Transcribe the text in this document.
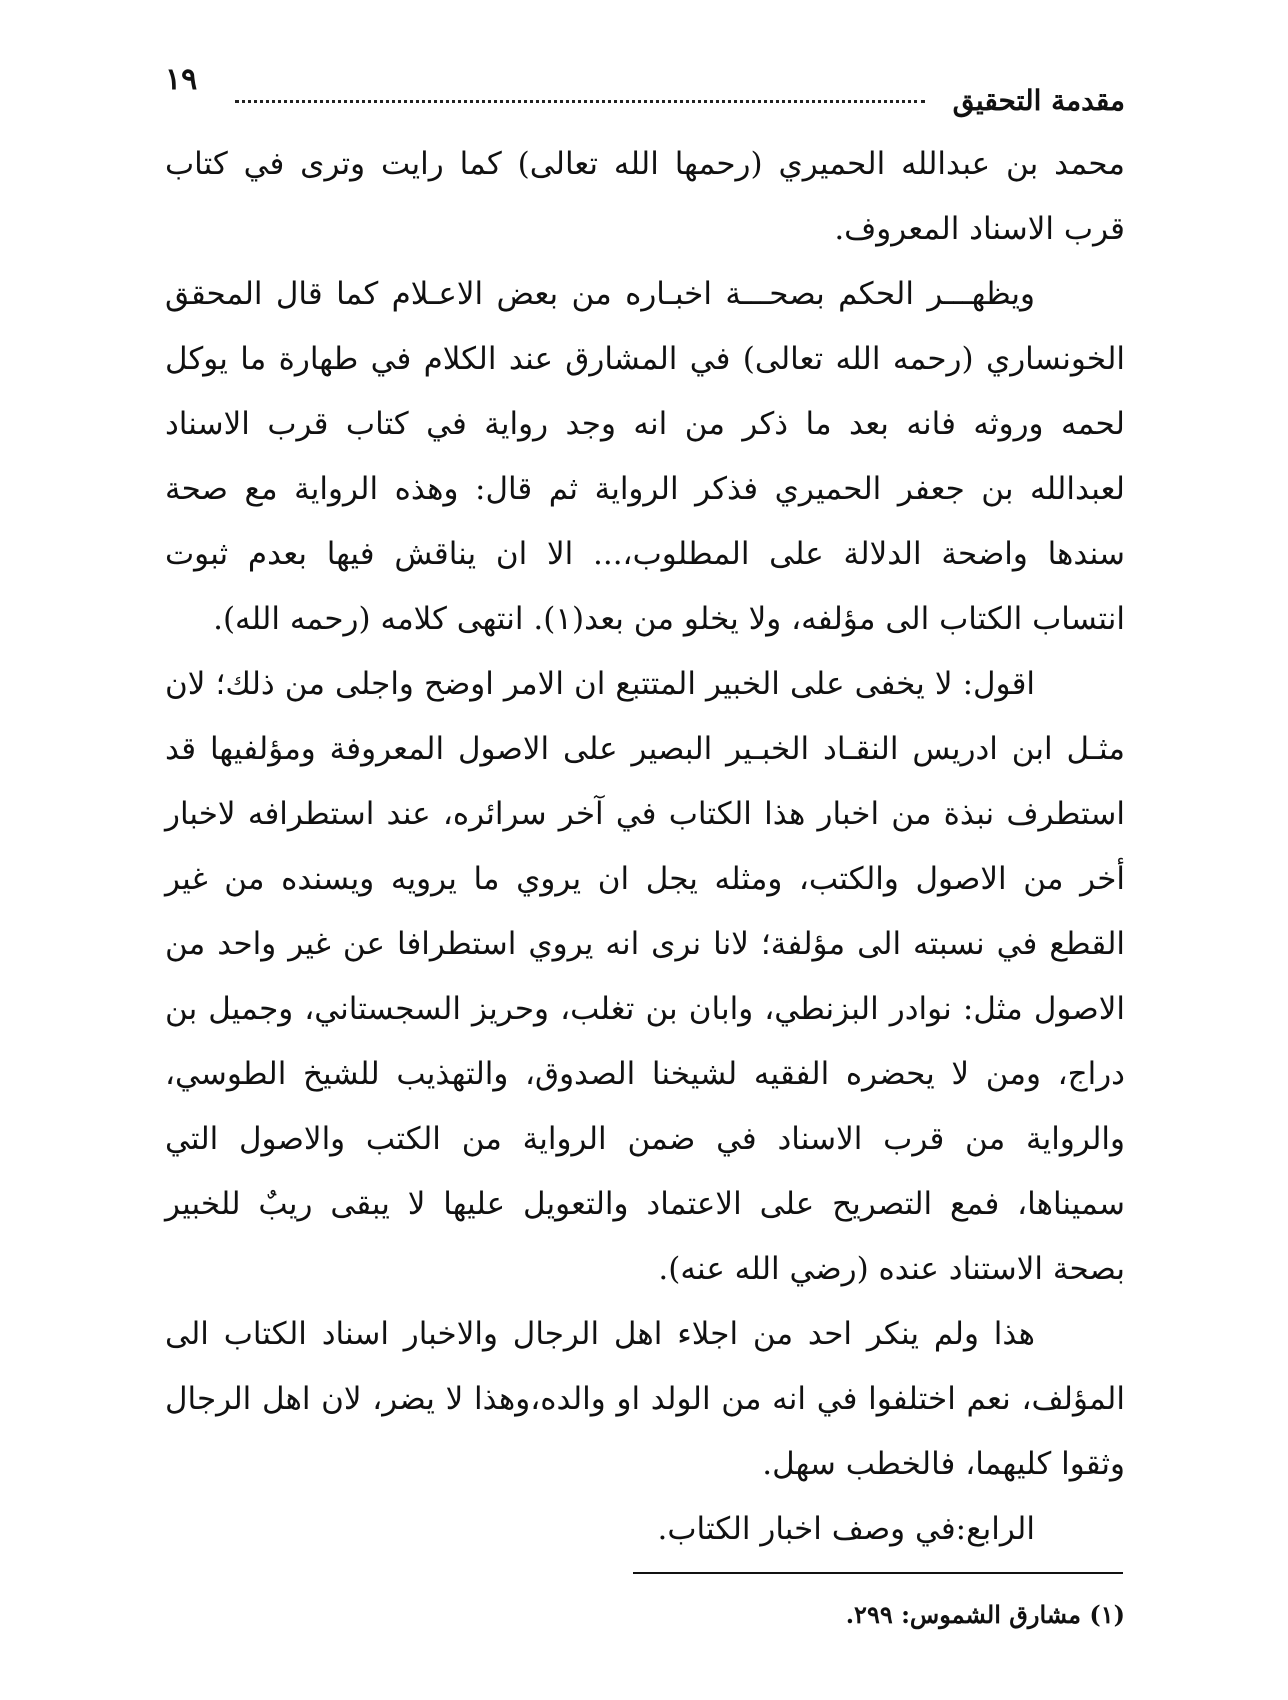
مقدمة التحقيق
١٩

محمد بن عبدالله الحميري (رحمها الله تعالى) كما رايت وترى في كتاب قرب الاسناد المعروف.

ويظهـــر الحكم بصحـــة اخبـاره من بعض الاعـلام كما قال المحقق الخونساري (رحمه الله تعالى) في المشارق عند الكلام في طهارة ما يوكل لحمه وروثه فانه بعد ما ذكر من انه وجد رواية في كتاب قرب الاسناد لعبدالله بن جعفر الحميري فذكر الرواية ثم قال: وهذه الرواية مع صحة سندها واضحة الدلالة على المطلوب،... الا ان يناقش فيها بعدم ثبوت انتساب الكتاب الى مؤلفه، ولا يخلو من بعد(١). انتهى كلامه (رحمه الله).

اقول: لا يخفى على الخبير المتتبع ان الامر اوضح واجلى من ذلك؛ لان مثـل ابن ادريس النقـاد الخبـير البصير على الاصول المعروفة ومؤلفيها قد استطرف نبذة من اخبار هذا الكتاب في آخر سرائره، عند استطرافه لاخبار أخر من الاصول والكتب، ومثله يجل ان يروي ما يرويه ويسنده من غير القطع في نسبته الى مؤلفة؛ لانا نرى انه يروي استطرافا عن غير واحد من الاصول مثل: نوادر البزنطي، وابان بن تغلب، وحريز السجستاني، وجميل بن دراج، ومن لا يحضره الفقيه لشيخنا الصدوق، والتهذيب للشيخ الطوسي، والرواية من قرب الاسناد في ضمن الرواية من الكتب والاصول التي سميناها، فمع التصريح على الاعتماد والتعويل عليها لا يبقى ريبٌ للخبير بصحة الاستناد عنده (رضي الله عنه).

هذا ولم ينكر احد من اجلاء اهل الرجال والاخبار اسناد الكتاب الى المؤلف، نعم اختلفوا في انه من الولد او والده،وهذا لا يضر، لان اهل الرجال وثقوا كليهما، فالخطب سهل.

الرابع:في وصف اخبار الكتاب.

(١) مشارق الشموس: ٢٩٩.
